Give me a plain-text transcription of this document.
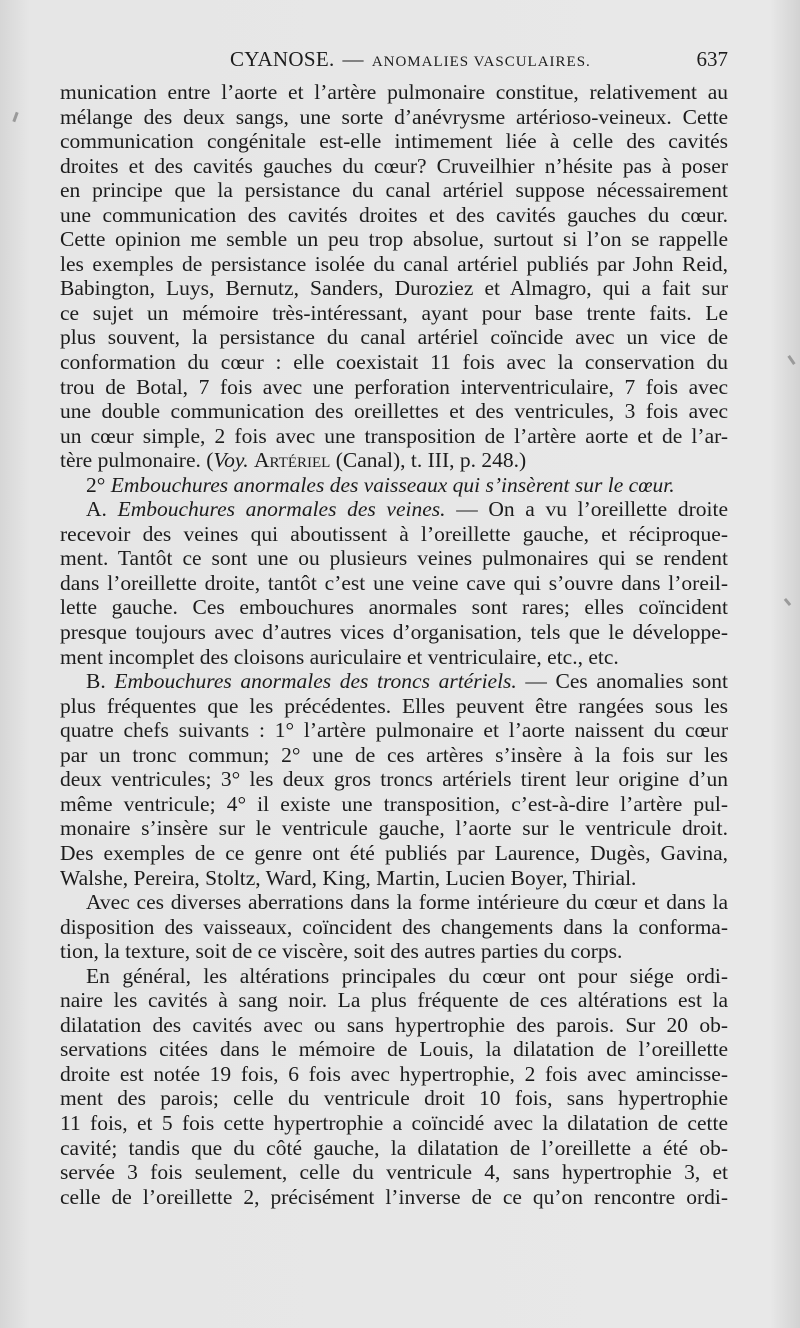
CYANOSE. — ANOMALIES VASCULAIRES.	637
munication entre l’aorte et l’artère pulmonaire constitue, relativement au
mélange des deux sangs, une sorte d’anévrysme artérioso-veineux. Cette
communication congénitale est-elle intimement liée à celle des cavités
droites et des cavités gauches du cœur? Cruveilhier n’hésite pas à poser
en principe que la persistance du canal artériel suppose nécessairement
une communication des cavités droites et des cavités gauches du cœur.
Cette opinion me semble un peu trop absolue, surtout si l’on se rappelle
les exemples de persistance isolée du canal artériel publiés par John Reid,
Babington, Luys, Bernutz, Sanders, Duroziez et Almagro, qui a fait sur
ce sujet un mémoire très-intéressant, ayant pour base trente faits. Le
plus souvent, la persistance du canal artériel coïncide avec un vice de
conformation du cœur : elle coexistait 11 fois avec la conservation du
trou de Botal, 7 fois avec une perforation interventriculaire, 7 fois avec
une double communication des oreillettes et des ventricules, 3 fois avec
un cœur simple, 2 fois avec une transposition de l’artère aorte et de l’ar-
tère pulmonaire. (Voy. Artériel (Canal), t. III, p. 248.)
2° Embouchures anormales des vaisseaux qui s’insèrent sur le cœur.
A. Embouchures anormales des veines. — On a vu l’oreillette droite
recevoir des veines qui aboutissent à l’oreillette gauche, et réciproque-
ment. Tantôt ce sont une ou plusieurs veines pulmonaires qui se rendent
dans l’oreillette droite, tantôt c’est une veine cave qui s’ouvre dans l’oreil-
lette gauche. Ces embouchures anormales sont rares; elles coïncident
presque toujours avec d’autres vices d’organisation, tels que le développe-
ment incomplet des cloisons auriculaire et ventriculaire, etc., etc.
B. Embouchures anormales des troncs artériels. — Ces anomalies sont
plus fréquentes que les précédentes. Elles peuvent être rangées sous les
quatre chefs suivants : 1° l’artère pulmonaire et l’aorte naissent du cœur
par un tronc commun; 2° une de ces artères s’insère à la fois sur les
deux ventricules; 3° les deux gros troncs artériels tirent leur origine d’un
même ventricule; 4° il existe une transposition, c’est-à-dire l’artère pul-
monaire s’insère sur le ventricule gauche, l’aorte sur le ventricule droit.
Des exemples de ce genre ont été publiés par Laurence, Dugès, Gavina,
Walshe, Pereira, Stoltz, Ward, King, Martin, Lucien Boyer, Thirial.
Avec ces diverses aberrations dans la forme intérieure du cœur et dans la
disposition des vaisseaux, coïncident des changements dans la conforma-
tion, la texture, soit de ce viscère, soit des autres parties du corps.
En général, les altérations principales du cœur ont pour siége ordi-
naire les cavités à sang noir. La plus fréquente de ces altérations est la
dilatation des cavités avec ou sans hypertrophie des parois. Sur 20 ob-
servations citées dans le mémoire de Louis, la dilatation de l’oreillette
droite est notée 19 fois, 6 fois avec hypertrophie, 2 fois avec amincisse-
ment des parois; celle du ventricule droit 10 fois, sans hypertrophie
11 fois, et 5 fois cette hypertrophie a coïncidé avec la dilatation de cette
cavité; tandis que du côté gauche, la dilatation de l’oreillette a été ob-
servée 3 fois seulement, celle du ventricule 4, sans hypertrophie 3, et
celle de l’oreillette 2, précisément l’inverse de ce qu’on rencontre ordi-
